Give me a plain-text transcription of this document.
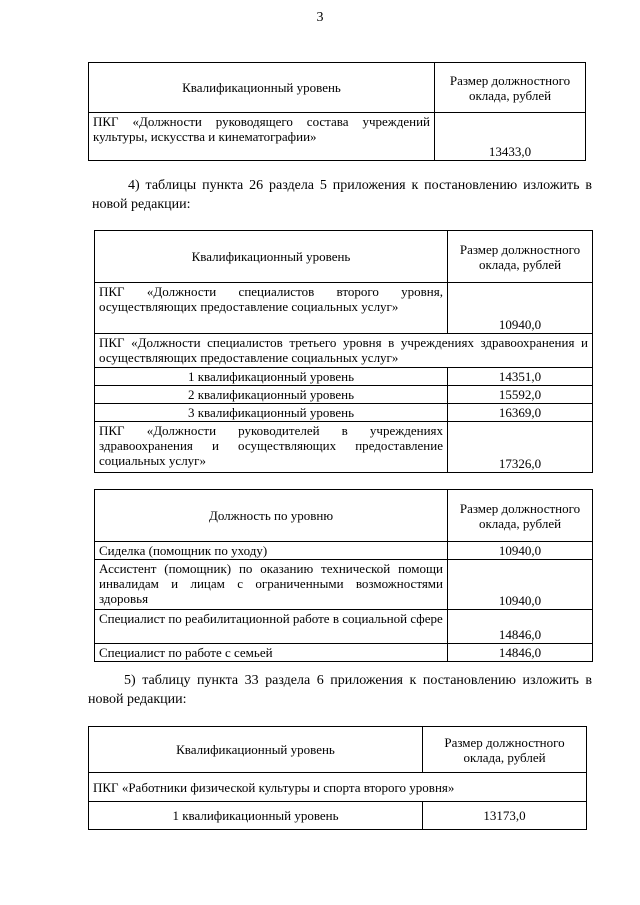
3
Квалификационный уровень	Размер должностного оклада, рублей
ПКГ «Должности руководящего состава учреждений культуры, искусства и кинематографии»	13433,0
4) таблицы пункта 26 раздела 5 приложения к постановлению изложить в новой редакции:
Квалификационный уровень	Размер должностного оклада, рублей
ПКГ «Должности специалистов второго уровня, осуществляющих предоставление социальных услуг»	10940,0
ПКГ «Должности специалистов третьего уровня в учреждениях здравоохранения и осуществляющих предоставление социальных услуг»	
1 квалификационный уровень	14351,0
2 квалификационный уровень	15592,0
3 квалификационный уровень	16369,0
ПКГ «Должности руководителей в учреждениях здравоохранения и осуществляющих предоставление социальных услуг»	17326,0
Должность по уровню	Размер должностного оклада, рублей
Сиделка (помощник по уходу)	10940,0
Ассистент (помощник) по оказанию технической помощи инвалидам и лицам с ограниченными возможностями здоровья	10940,0
Специалист по реабилитационной работе в социальной сфере	14846,0
Специалист по работе с семьей	14846,0
5) таблицу пункта 33 раздела 6 приложения к постановлению изложить в новой редакции:
Квалификационный уровень	Размер должностного оклада, рублей
ПКГ «Работники физической культуры и спорта второго уровня»	
1 квалификационный уровень	13173,0
